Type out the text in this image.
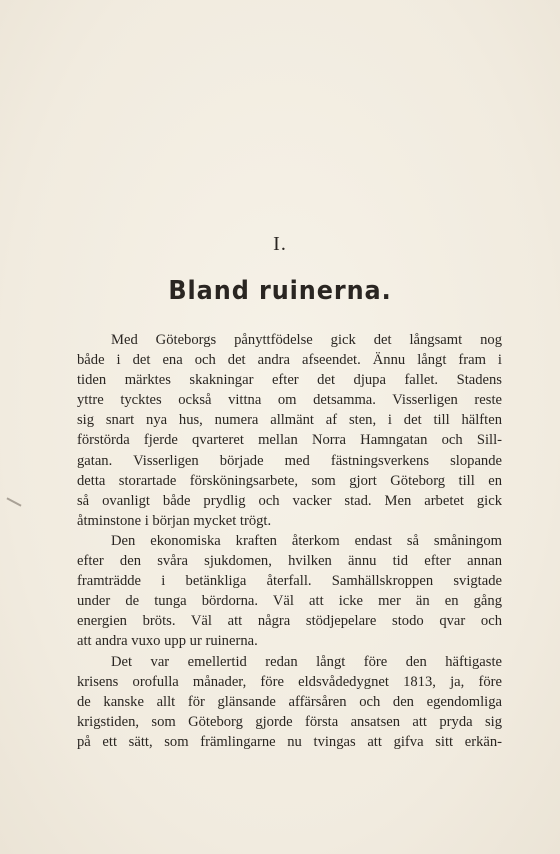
I.
Bland ruinerna.
Med Göteborgs pånyttfödelse gick det långsamt nog
både i det ena och det andra afseendet. Ännu långt fram i
tiden märktes skakningar efter det djupa fallet. Stadens
yttre tycktes också vittna om detsamma. Visserligen reste
sig snart nya hus, numera allmänt af sten, i det till hälften
förstörda fjerde qvarteret mellan Norra Hamngatan och Sill-
gatan. Visserligen började med fästningsverkens slopande
detta storartade försköningsarbete, som gjort Göteborg till en
så ovanligt både prydlig och vacker stad. Men arbetet gick
åtminstone i början mycket trögt.
Den ekonomiska kraften återkom endast så småningom
efter den svåra sjukdomen, hvilken ännu tid efter annan
framträdde i betänkliga återfall. Samhällskroppen svigtade
under de tunga bördorna. Väl att icke mer än en gång
energien bröts. Väl att några stödjepelare stodo qvar och
att andra vuxo upp ur ruinerna.
Det var emellertid redan långt före den häftigaste
krisens orofulla månader, före eldsvådedygnet 1813, ja, före
de kanske allt för glänsande affärsåren och den egendomliga
krigstiden, som Göteborg gjorde första ansatsen att pryda sig
på ett sätt, som främlingarne nu tvingas att gifva sitt erkän-
